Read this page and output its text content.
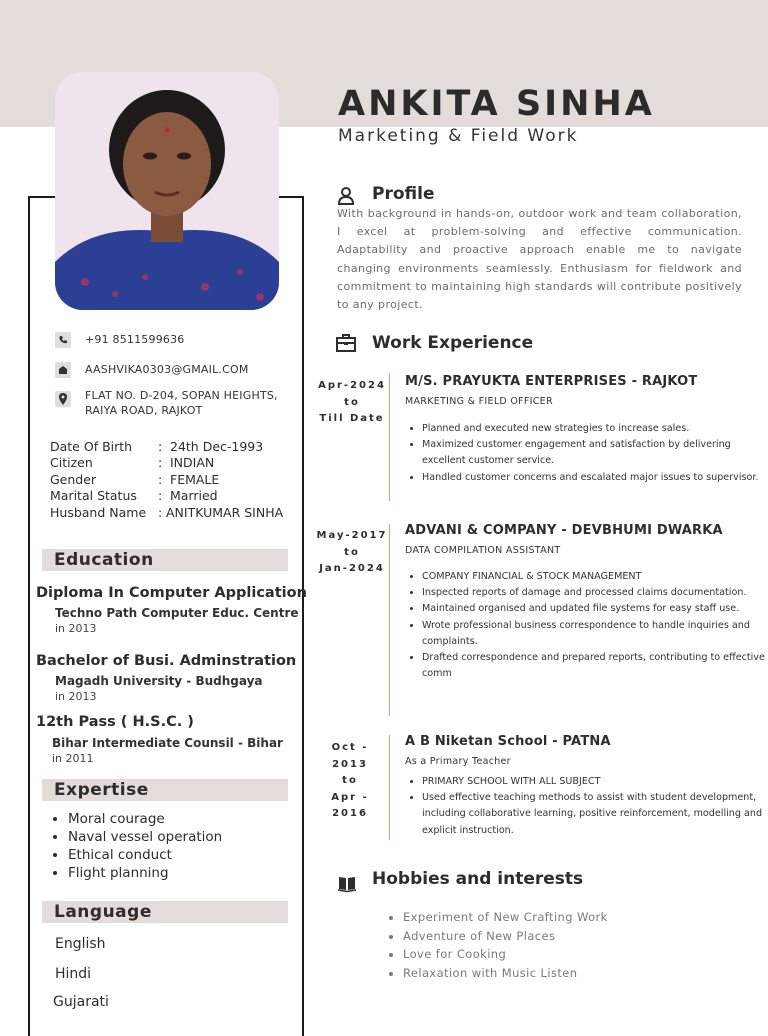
ANKITA SINHA
Marketing & Field Work
Profile
With background in hands-on, outdoor work and team collaboration, I excel at problem-solving and effective communication. Adaptability and proactive approach enable me to navigate changing environments seamlessly. Enthusiasm for fieldwork and commitment to maintaining high standards will contribute positively to any project.
+91 8511599636
AASHVIKA0303@GMAIL.COM
FLAT NO. D-204, SOPAN HEIGHTS,
RAIYA ROAD, RAJKOT
Date Of Birth	: 24th Dec-1993
Citizen	: INDIAN
Gender	: FEMALE
Marital Status	: Married
Husband Name : ANITKUMAR SINHA
Education
Diploma In Computer Application
Techno Path Computer Educ. Centre
in 2013
Bachelor of Busi. Adminstration
Magadh University - Budhgaya
in 2013
12th Pass ( H.S.C. )
Bihar Intermediate Counsil - Bihar
in 2011
Expertise
• Moral courage
• Naval vessel operation
• Ethical conduct
• Flight planning
Language
English
Hindi
Gujarati
Work Experience
Apr-2024
to
Till Date
M/S. PRAYUKTA ENTERPRISES - RAJKOT
MARKETING & FIELD OFFICER
• Planned and executed new strategies to increase sales.
• Maximized customer engagement and satisfaction by delivering excellent customer service.
• Handled customer concerns and escalated major issues to supervisor.
May-2017
to
Jan-2024
ADVANI & COMPANY - DEVBHUMI DWARKA
DATA COMPILATION ASSISTANT
• COMPANY FINANCIAL & STOCK MANAGEMENT
• Inspected reports of damage and processed claims documentation.
• Maintained organised and updated file systems for easy staff use.
• Wrote professional business correspondence to handle inquiries and complaints.
• Drafted correspondence and prepared reports, contributing to effective comm
Oct - 2013
to
Apr - 2016
A B Niketan School - PATNA
As a Primary Teacher
• PRIMARY SCHOOL WITH ALL SUBJECT
• Used effective teaching methods to assist with student development, including collaborative learning, positive reinforcement, modelling and explicit instruction.
Hobbies and interests
• Experiment of New Crafting Work
• Adventure of New Places
• Love for Cooking
• Relaxation with Music Listen
